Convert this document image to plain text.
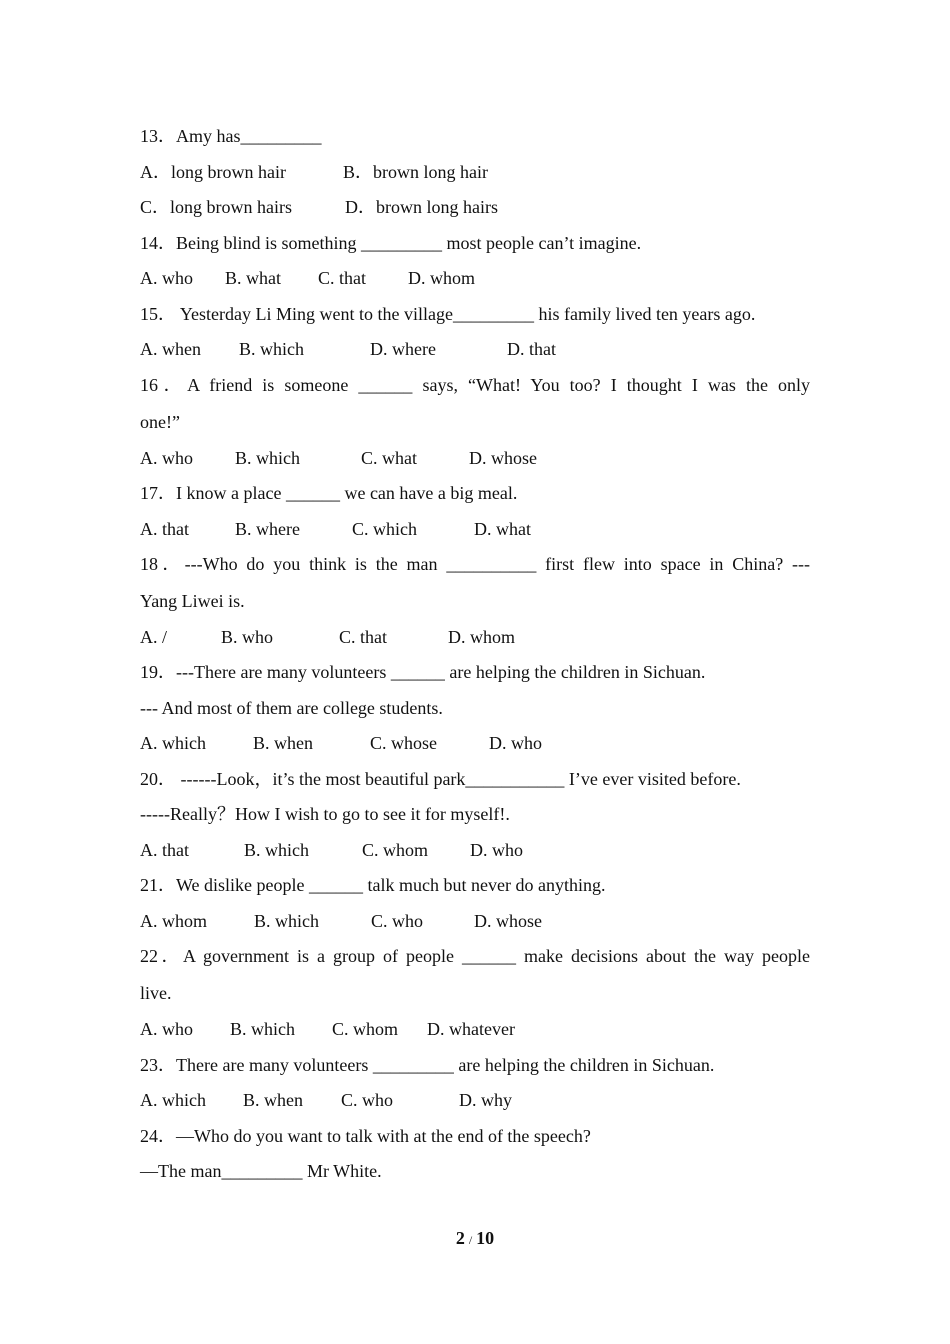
13．Amy has_________

A．long brown hair

	B．brown long hair

C．long brown hairs

	D．brown long hairs

14．Being blind is something _________ most people can’t imagine.

A. who

B. what

C. that

D. whom

15． Yesterday Li Ming went to the village_________ his family lived ten years ago.

A. when

B. which

	D. where

	D. that

16．A friend is someone ______ says, “What! You too? I thought I was the only
one!”

A. who

B. which

	C. what

	D. whose

17．I know a place ______ we can have a big meal.

A. that

	B. where

	C. which

	D. what

18．---Who do you think is the man __________ first flew into space in China? ---
Yang Liwei is.

A. /

	B. who

	C. that

	D. whom

19．---There are many volunteers ______ are helping the children in Sichuan.
--- And most of them are college students.

A. which

	B. when

	C. whose

	D. who

20． ------Look，it’s the most beautiful park___________ I’ve ever visited before.
-----Really？How I wish to go to see it for myself!.

A. that

	B. which

	C. whom

D. who

21．We dislike people ______ talk much but never do anything.

A. whom

	B. which

	C. who

	D. whose

22．A government is a group of people ______ make decisions about the way people
live.

A. who

B. which

C. whom

D. whatever

23．There are many volunteers _________ are helping the children in Sichuan.

A. which

B. when

C. who

	D. why

24．—Who do you want to talk with at the end of the speech?
—The man_________ Mr White.
2 / 10
